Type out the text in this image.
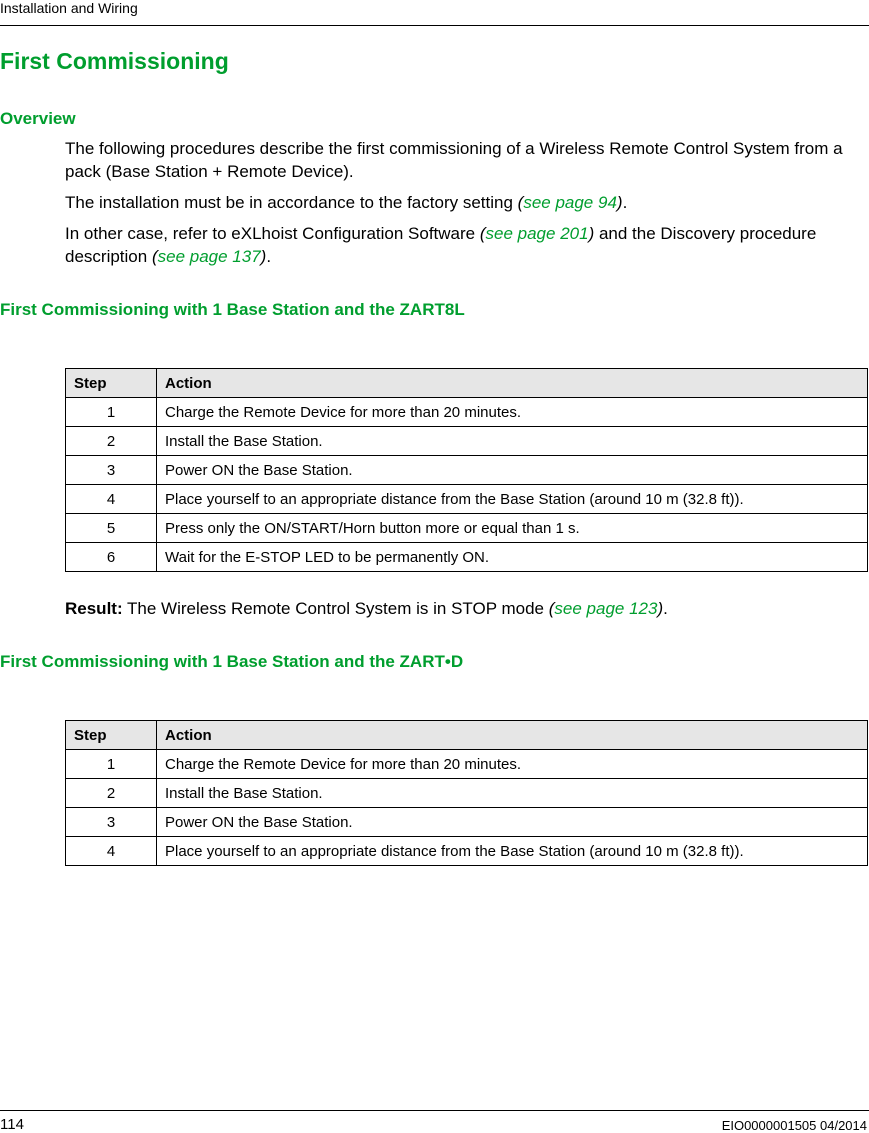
Installation and Wiring
First Commissioning
Overview

The following procedures describe the first commissioning of a Wireless Remote Control System from a pack (Base Station + Remote Device).

The installation must be in accordance to the factory setting (see page 94).

In other case, refer to eXLhoist Configuration Software (see page 201) and the Discovery procedure description (see page 137).

First Commissioning with 1 Base Station and the ZART8L
Step	Action
1	Charge the Remote Device for more than 20 minutes.
2	Install the Base Station.
3	Power ON the Base Station.
4	Place yourself to an appropriate distance from the Base Station (around 10 m (32.8 ft)).
5	Press only the ON/START/Horn button more or equal than 1 s.
6	Wait for the E-STOP LED to be permanently ON.

Result: The Wireless Remote Control System is in STOP mode (see page 123).

First Commissioning with 1 Base Station and the ZART•D
Step	Action
1	Charge the Remote Device for more than 20 minutes.
2	Install the Base Station.
3	Power ON the Base Station.
4	Place yourself to an appropriate distance from the Base Station (around 10 m (32.8 ft)).
114	EIO0000001505 04/2014
